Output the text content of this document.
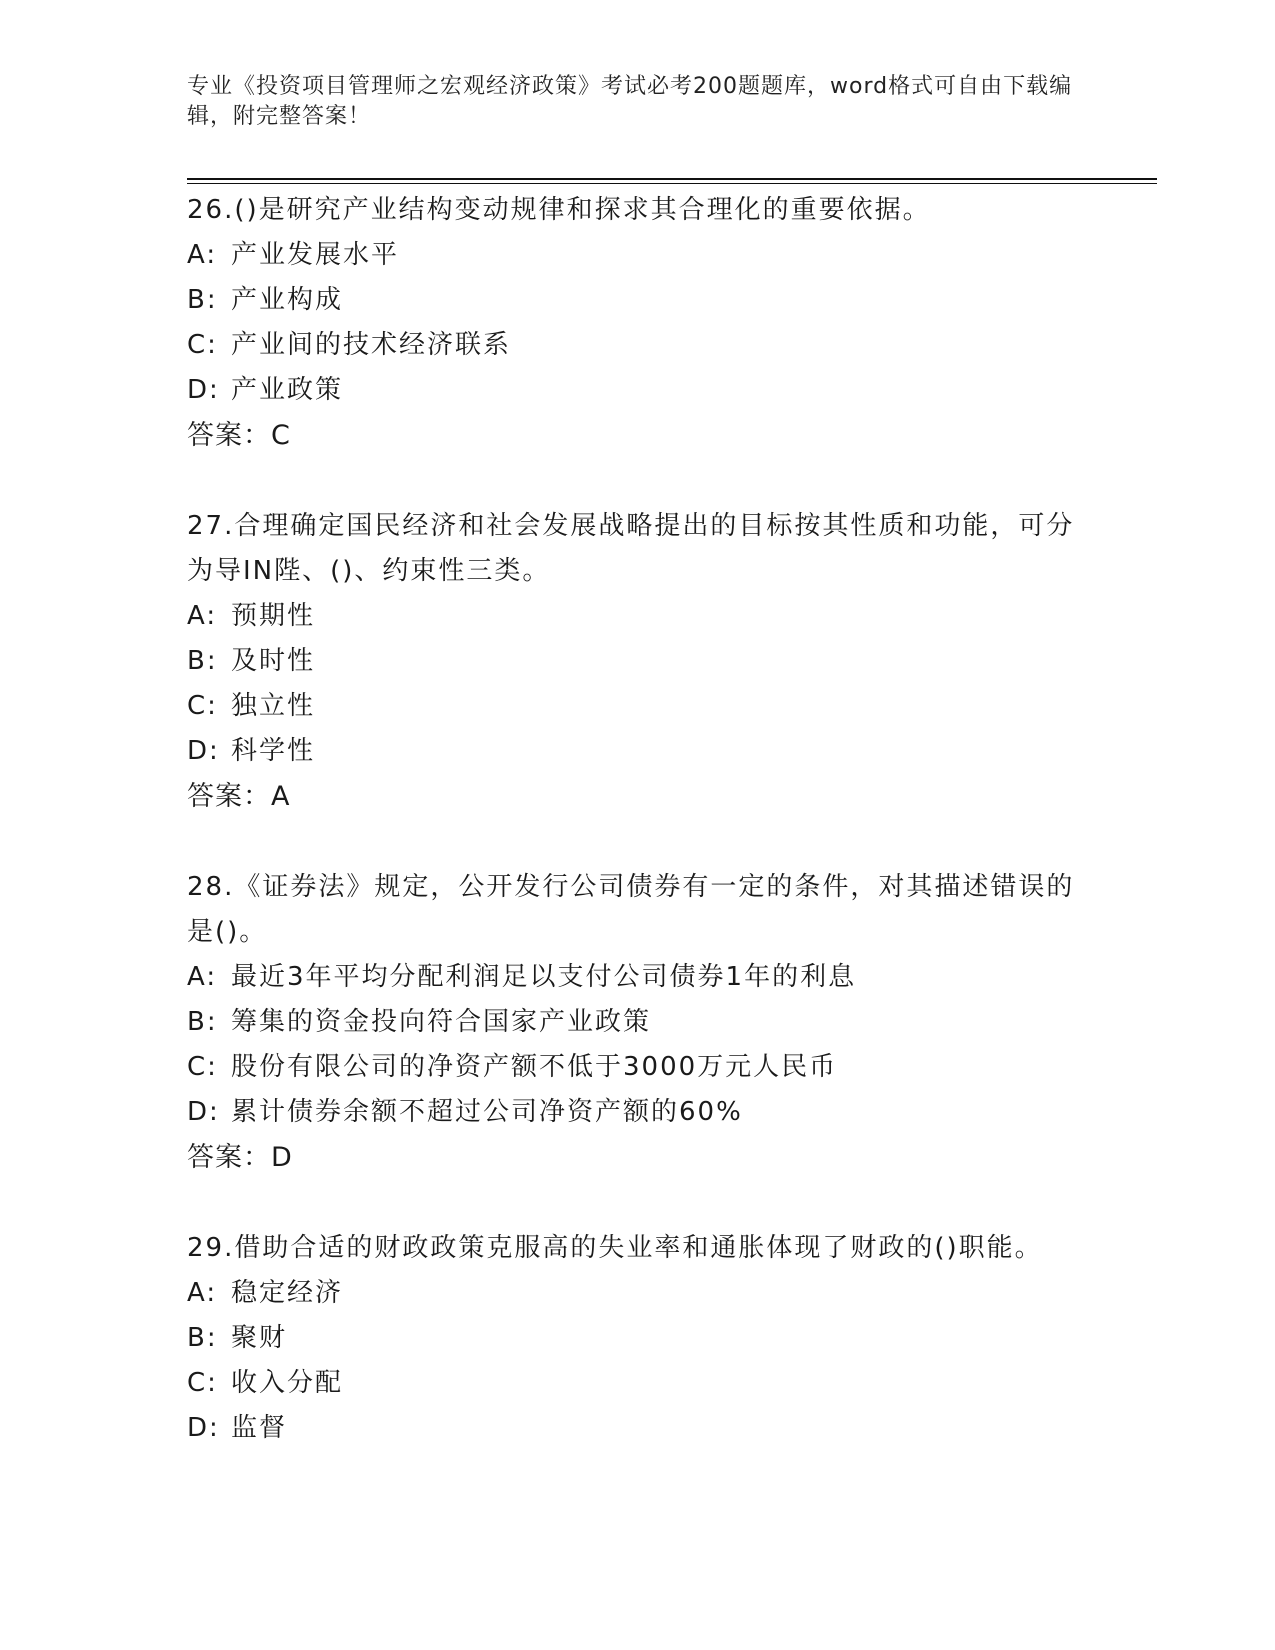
专业《投资项目管理师之宏观经济政策》考试必考200题题库，word格式可自由下载编辑，附完整答案！

26.()是研究产业结构变动规律和探求其合理化的重要依据。

A: 产业发展水平

B: 产业构成

C: 产业间的技术经济联系

D: 产业政策

答案：C

27.合理确定国民经济和社会发展战略提出的目标按其性质和功能，可分为导IN陛、()、约束性三类。

A: 预期性

B: 及时性

C: 独立性

D: 科学性

答案：A

28.《证券法》规定，公开发行公司债券有一定的条件，对其描述错误的是()。

A: 最近3年平均分配利润足以支付公司债券1年的利息

B: 筹集的资金投向符合国家产业政策

C: 股份有限公司的净资产额不低于3000万元人民币

D: 累计债券余额不超过公司净资产额的60%

答案：D

29.借助合适的财政政策克服高的失业率和通胀体现了财政的()职能。

A: 稳定经济

B: 聚财

C: 收入分配

D: 监督
